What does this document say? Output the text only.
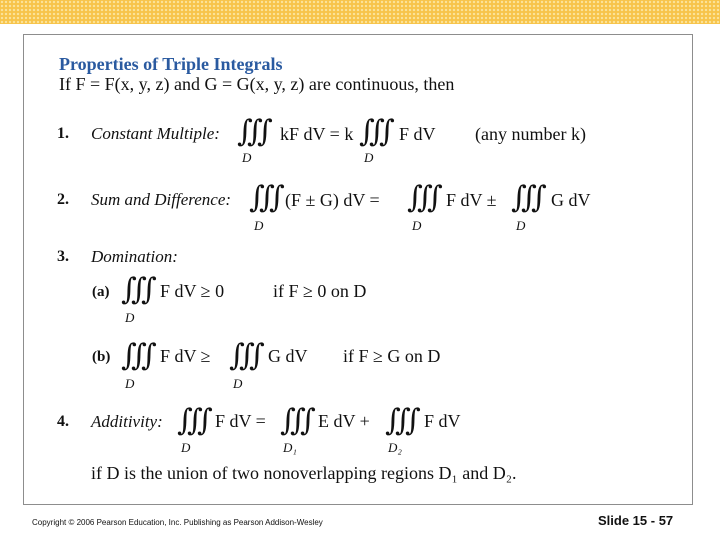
Properties of Triple Integrals
If F = F(x, y, z) and G = G(x, y, z) are continuous, then
1. Constant Multiple: ∭
D
kF dV = k ∭
D
F dV (any number k)
2. Sum and Difference: ∭
D
(F ± G) dV = ∭
D
F dV ± ∭
D
G dV
3. Domination:
(a) ∭
D
F dV ≥ 0	if F ≥ 0 on D
(b) ∭
D
F dV ≥ ∭
D
G dV if F ≥ G on D
4. Additivity: ∭
D
F dV = ∭
D₁
E dV + ∭
D₂
F dV
if D is the union of two nonoverlapping regions D₁ and D₂.
Copyright © 2006 Pearson Education, Inc. Publishing as Pearson Addison-Wesley	Slide 15 - 57
